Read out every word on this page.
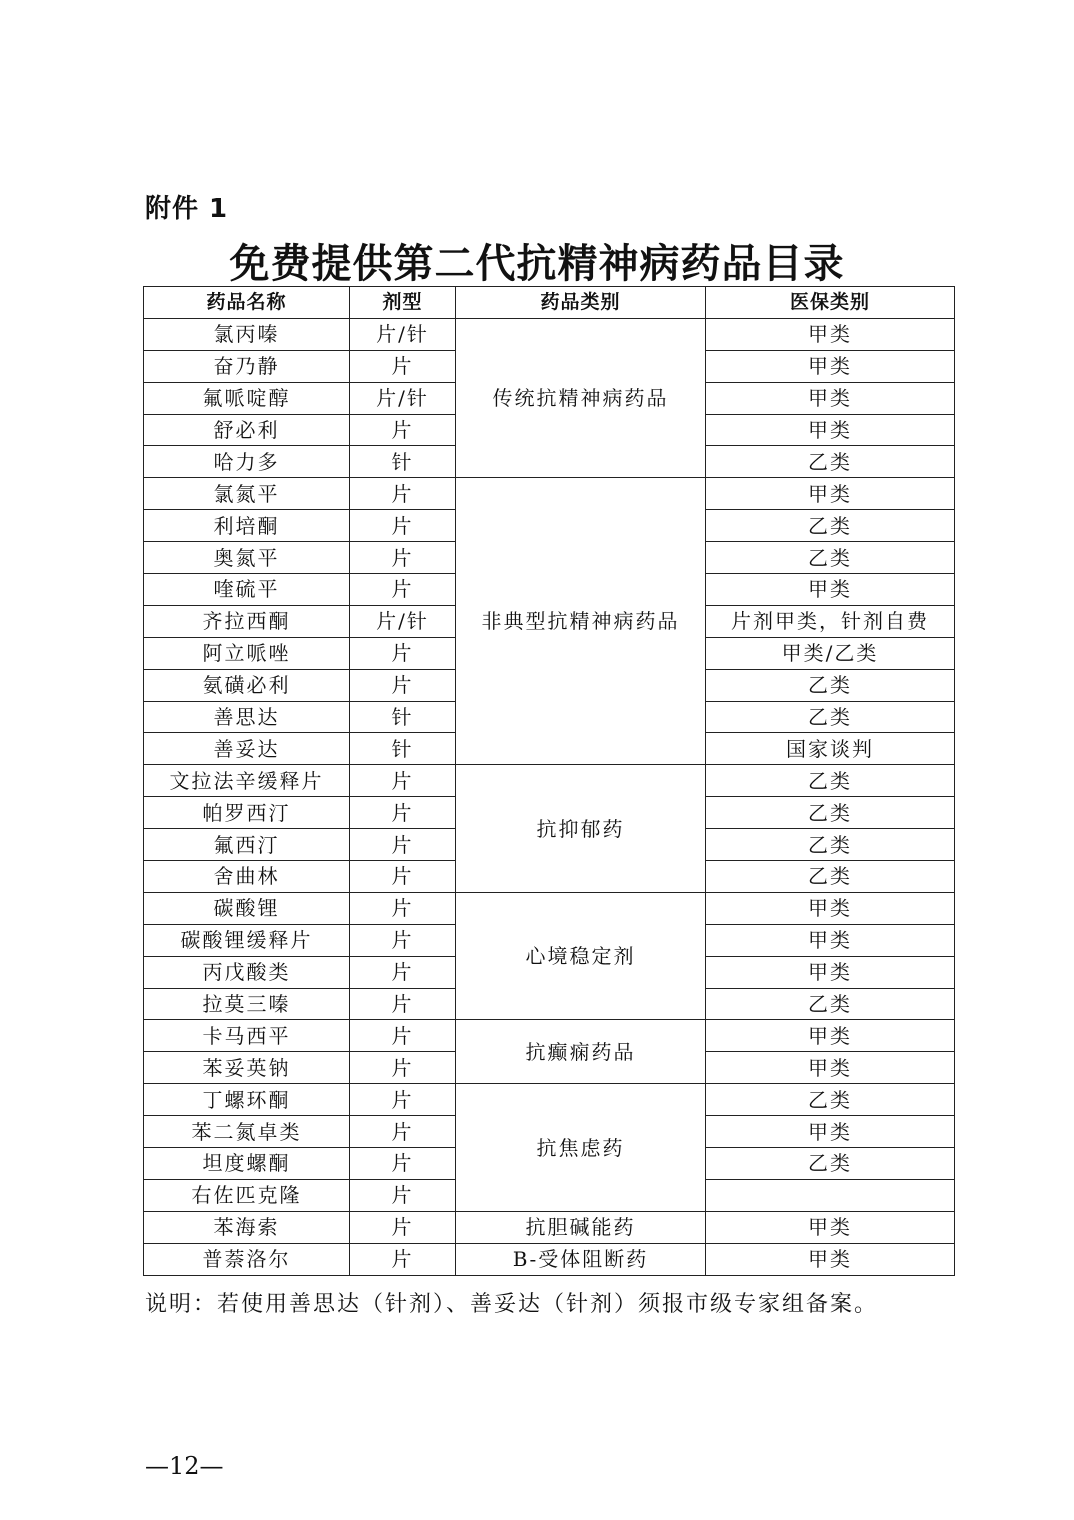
附件 1
免费提供第二代抗精神病药品目录
药品名称	剂型	药品类别	医保类别
氯丙嗪	片/针	传统抗精神病药品	甲类
奋乃静	片		甲类
氟哌啶醇	片/针		甲类
舒必利	片		甲类
哈力多	针		乙类
氯氮平	片	非典型抗精神病药品	甲类
利培酮	片		乙类
奥氮平	片		乙类
喹硫平	片		甲类
齐拉西酮	片/针		片剂甲类，针剂自费
阿立哌唑	片		甲类/乙类
氨磺必利	片		乙类
善思达	针		乙类
善妥达	针		国家谈判
文拉法辛缓释片	片	抗抑郁药	乙类
帕罗西汀	片		乙类
氟西汀	片		乙类
舍曲林	片		乙类
碳酸锂	片	心境稳定剂	甲类
碳酸锂缓释片	片		甲类
丙戊酸类	片		甲类
拉莫三嗪	片		乙类
卡马西平	片	抗癫痫药品	甲类
苯妥英钠	片		甲类
丁螺环酮	片	抗焦虑药	乙类
苯二氮卓类	片		甲类
坦度螺酮	片		乙类
右佐匹克隆	片		
苯海索	片	抗胆碱能药	甲类
普萘洛尔	片	Β-受体阻断药	甲类
说明：若使用善思达（针剂）、善妥达（针剂）须报市级专家组备案。
—12—
